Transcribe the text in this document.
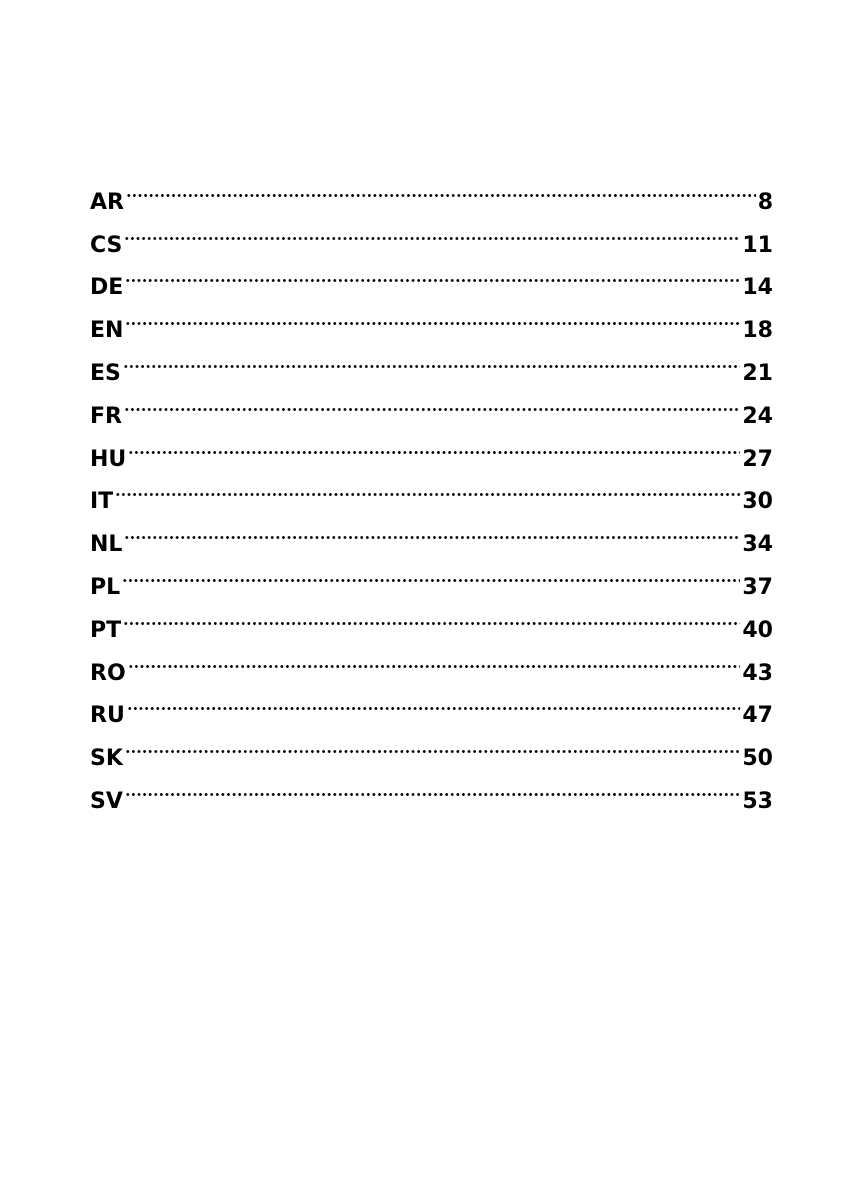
AR	8
CS	11
DE	14
EN	18
ES	21
FR	24
HU	27
IT	30
NL	34
PL	37
PT	40
RO	43
RU	47
SK	50
SV	53
